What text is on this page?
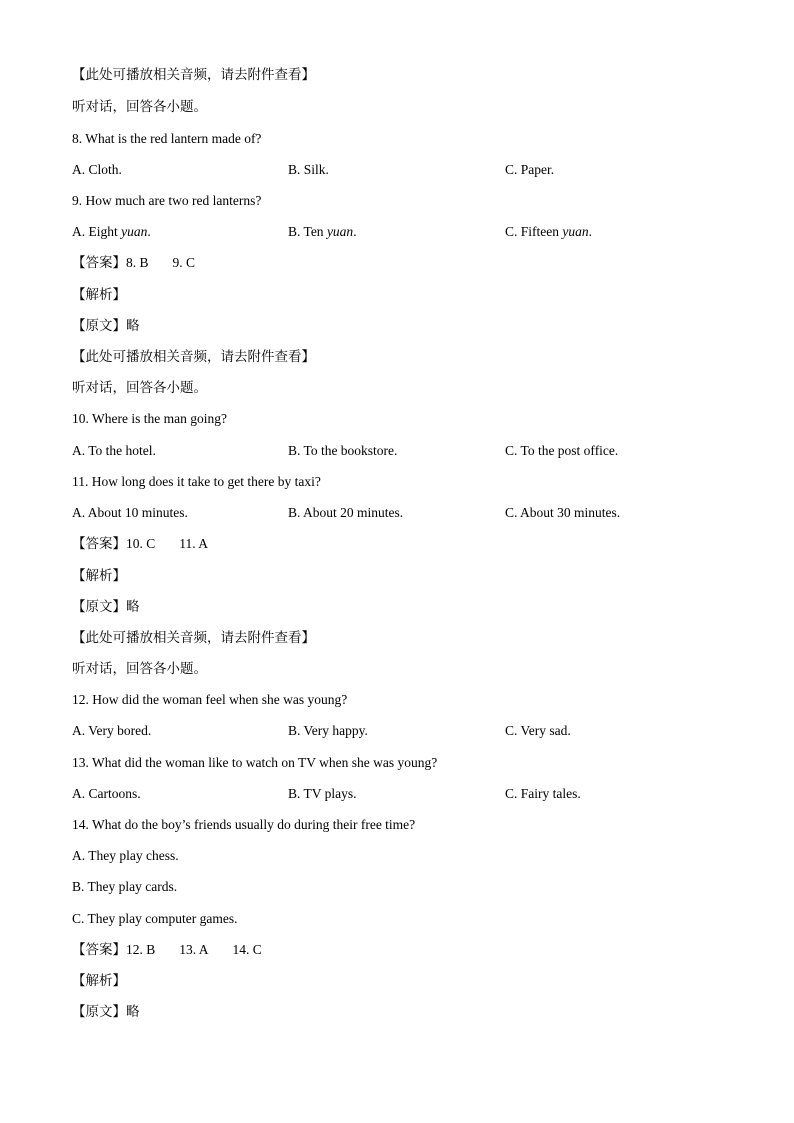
【此处可播放相关音频，请去附件查看】
听对话，回答各小题。
8. What is the red lantern made of?
A. Cloth.	B. Silk.	C. Paper.
9. How much are two red lanterns?
A. Eight yuan.	B. Ten yuan.	C. Fifteen yuan.
【答案】8. B 9. C
【解析】
【原文】略
【此处可播放相关音频，请去附件查看】
听对话，回答各小题。
10. Where is the man going?
A. To the hotel.	B. To the bookstore.	C. To the post office.
11. How long does it take to get there by taxi?
A. About 10 minutes.	B. About 20 minutes.	C. About 30 minutes.
【答案】10. C 11. A
【解析】
【原文】略
【此处可播放相关音频，请去附件查看】
听对话，回答各小题。
12. How did the woman feel when she was young?
A. Very bored.	B. Very happy.	C. Very sad.
13. What did the woman like to watch on TV when she was young?
A. Cartoons.	B. TV plays.	C. Fairy tales.
14. What do the boy’s friends usually do during their free time?
A. They play chess.
B. They play cards.
C. They play computer games.
【答案】12. B 13. A 14. C
【解析】
【原文】略
